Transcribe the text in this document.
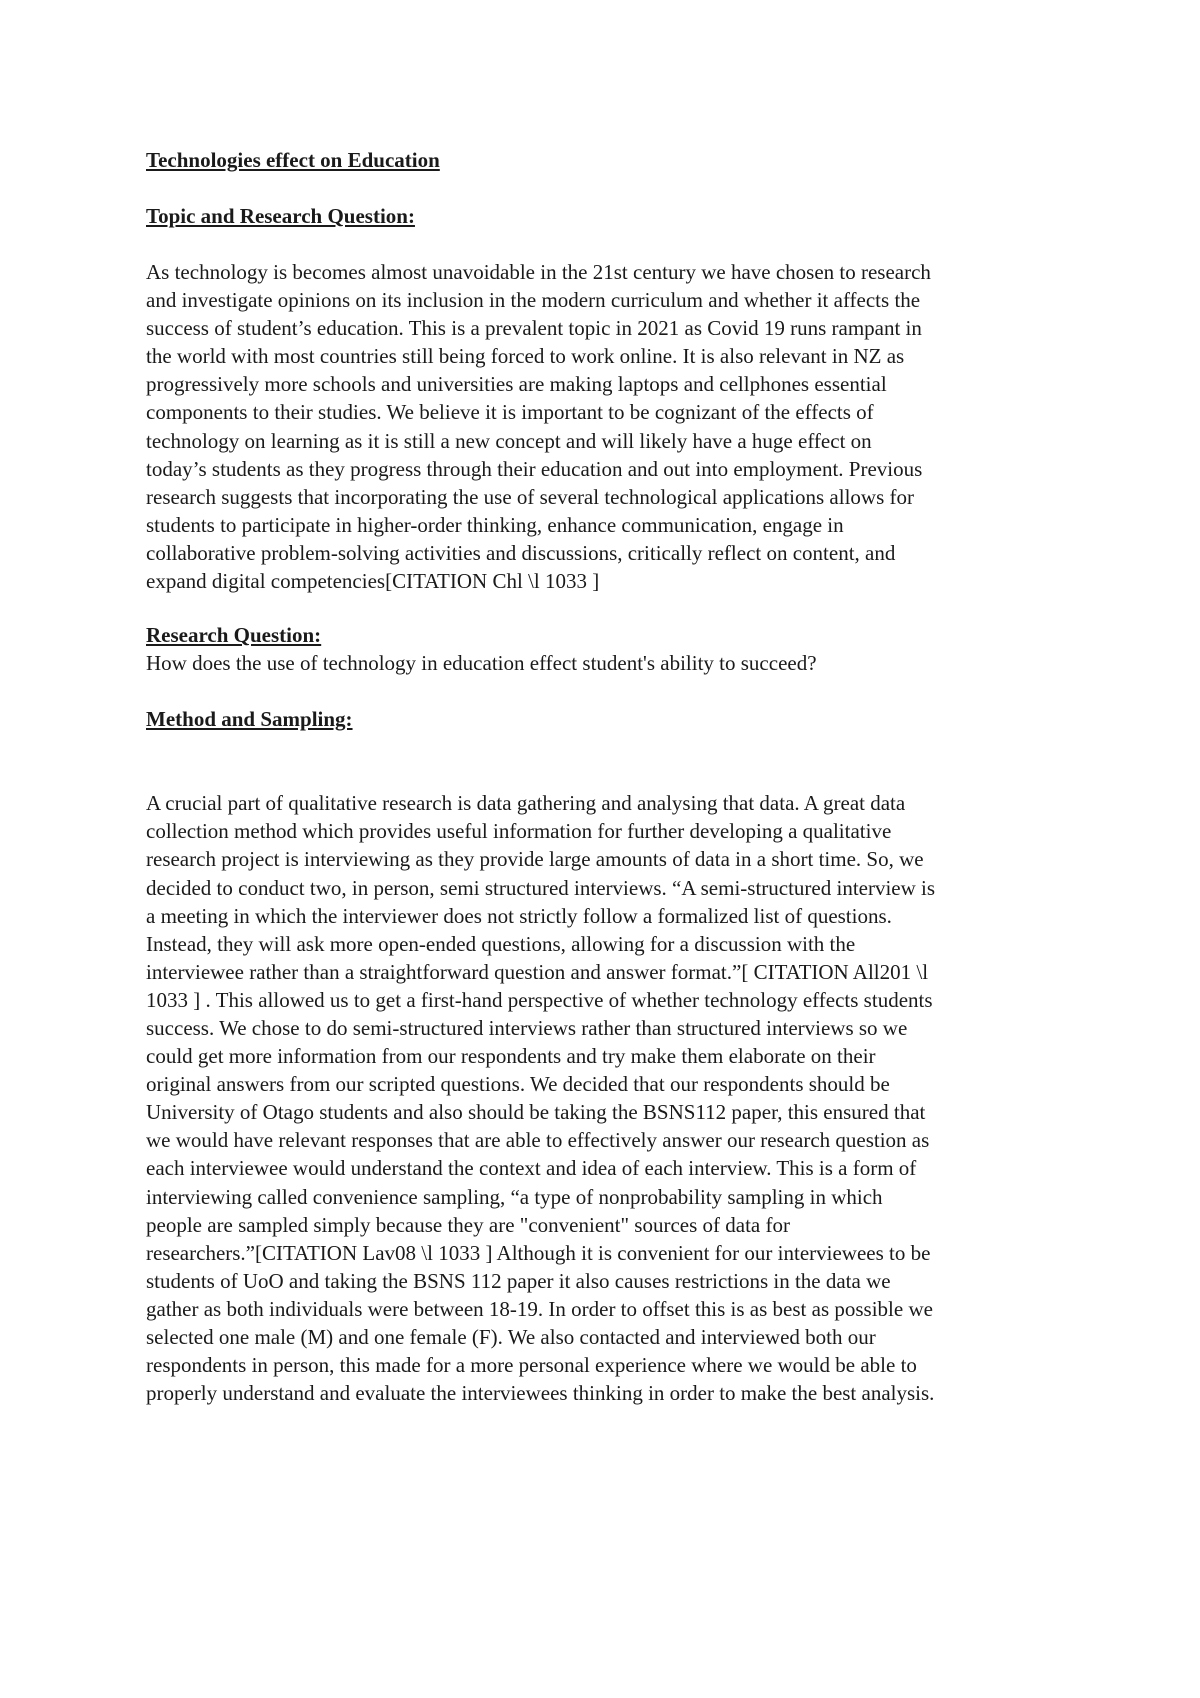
Technologies effect on Education
Topic and Research Question:
As technology is becomes almost unavoidable in the 21st century we have chosen to research
and investigate opinions on its inclusion in the modern curriculum and whether it affects the
success of student’s education. This is a prevalent topic in 2021 as Covid 19 runs rampant in
the world with most countries still being forced to work online. It is also relevant in NZ as
progressively more schools and universities are making laptops and cellphones essential
components to their studies. We believe it is important to be cognizant of the effects of
technology on learning as it is still a new concept and will likely have a huge effect on
today’s students as they progress through their education and out into employment. Previous
research suggests that incorporating the use of several technological applications allows for
students to participate in higher-order thinking, enhance communication, engage in
collaborative problem-solving activities and discussions, critically reflect on content, and
expand digital competencies[CITATION Chl \l 1033 ]
Research Question:
How does the use of technology in education effect student's ability to succeed?
Method and Sampling:
A crucial part of qualitative research is data gathering and analysing that data. A great data
collection method which provides useful information for further developing a qualitative
research project is interviewing as they provide large amounts of data in a short time. So, we
decided to conduct two, in person, semi structured interviews. “A semi-structured interview is
a meeting in which the interviewer does not strictly follow a formalized list of questions.
Instead, they will ask more open-ended questions, allowing for a discussion with the
interviewee rather than a straightforward question and answer format.”[ CITATION All201 \l
1033 ] . This allowed us to get a first-hand perspective of whether technology effects students
success. We chose to do semi-structured interviews rather than structured interviews so we
could get more information from our respondents and try make them elaborate on their
original answers from our scripted questions. We decided that our respondents should be
University of Otago students and also should be taking the BSNS112 paper, this ensured that
we would have relevant responses that are able to effectively answer our research question as
each interviewee would understand the context and idea of each interview. This is a form of
interviewing called convenience sampling, “a type of nonprobability sampling in which
people are sampled simply because they are "convenient" sources of data for
researchers.”[CITATION Lav08 \l 1033 ] Although it is convenient for our interviewees to be
students of UoO and taking the BSNS 112 paper it also causes restrictions in the data we
gather as both individuals were between 18-19. In order to offset this is as best as possible we
selected one male (M) and one female (F). We also contacted and interviewed both our
respondents in person, this made for a more personal experience where we would be able to
properly understand and evaluate the interviewees thinking in order to make the best analysis.
